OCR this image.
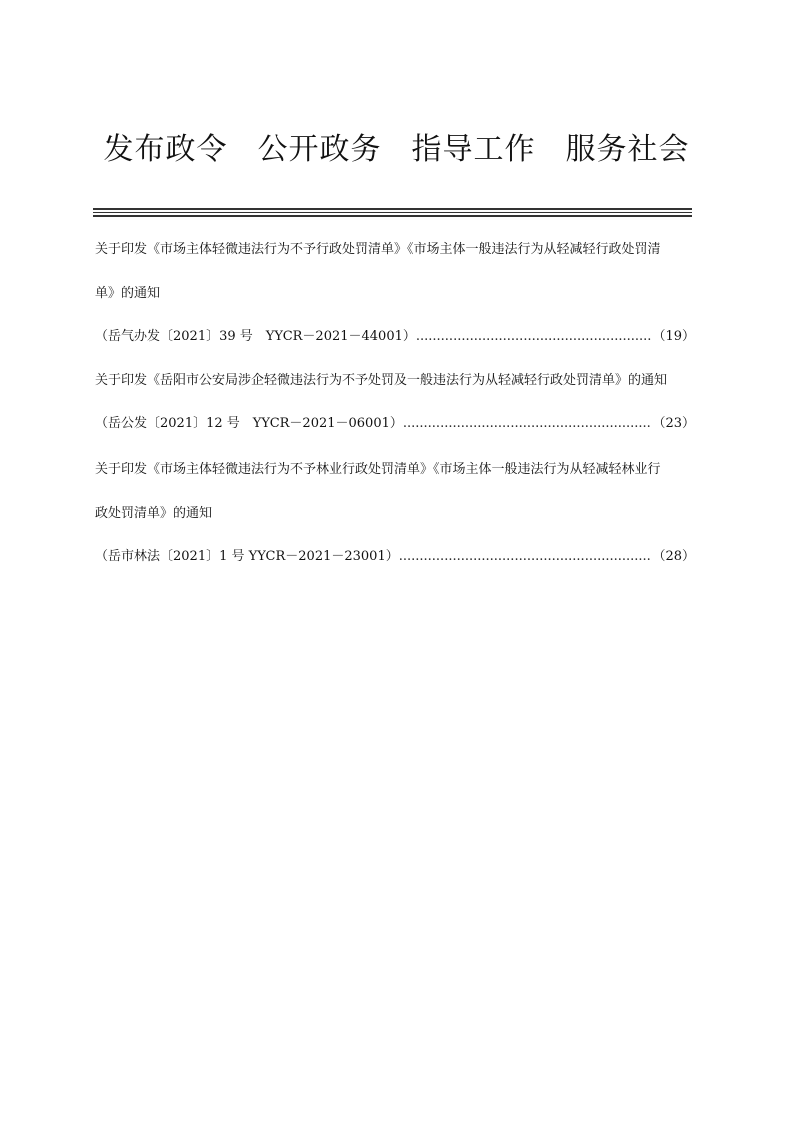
发布政令 公开政务 指导工作 服务社会
关于印发《市场主体轻微违法行为不予行政处罚清单》《市场主体一般违法行为从轻减轻行政处罚清
单》的通知
（岳气办发〔2021〕39 号　YYCR－2021－44001） .....	（19）
关于印发《岳阳市公安局涉企轻微违法行为不予处罚及一般违法行为从轻减轻行政处罚清单》的通知
（岳公发〔2021〕12 号　YYCR－2021－06001） .....	（23）
关于印发《市场主体轻微违法行为不予林业行政处罚清单》《市场主体一般违法行为从轻减轻林业行
政处罚清单》的通知
（岳市林法〔2021〕1 号 YYCR－2021－23001） .....	（28）
